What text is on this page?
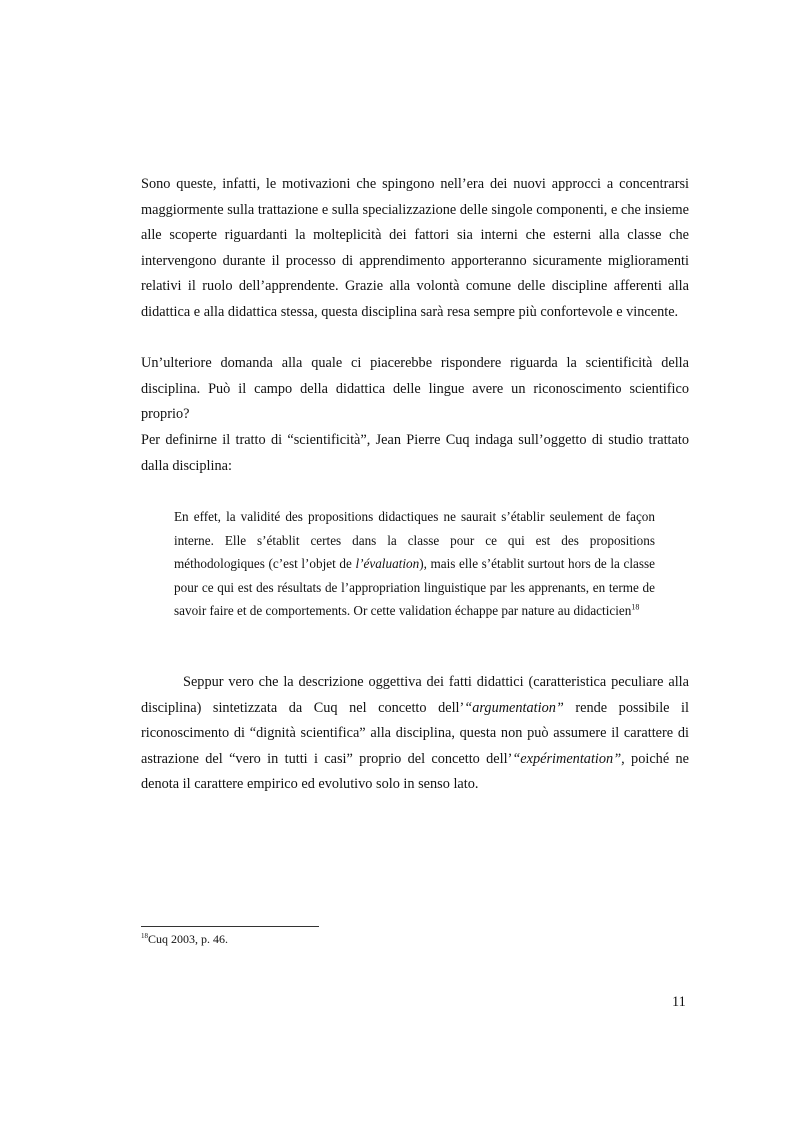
Sono queste, infatti, le motivazioni che spingono nell’era dei nuovi approcci a concentrarsi maggiormente sulla trattazione e sulla specializzazione delle singole componenti, e che insieme alle scoperte riguardanti la molteplicità dei fattori sia interni che esterni alla classe che intervengono durante il processo di apprendimento apporteranno sicuramente miglioramenti relativi il ruolo dell’apprendente. Grazie alla volontà comune delle discipline afferenti alla didattica e alla didattica stessa, questa disciplina sarà resa sempre più confortevole e vincente.

Un’ulteriore domanda alla quale ci piacerebbe rispondere riguarda la scientificità della disciplina. Può il campo della didattica delle lingue avere un riconoscimento scientifico proprio?

Per definirne il tratto di “scientificità”, Jean Pierre Cuq indaga sull’oggetto di studio trattato dalla disciplina:

En effet, la validité des propositions didactiques ne saurait s’établir seulement de façon interne. Elle s’établit certes dans la classe pour ce qui est des propositions méthodologiques (c’est l’objet de l’évaluation), mais elle s’établit surtout hors de la classe pour ce qui est des résultats de l’appropriation linguistique par les apprenants, en terme de savoir faire et de comportements. Or cette validation échappe par nature au didacticien$^{18}$

Seppur vero che la descrizione oggettiva dei fatti didattici (caratteristica peculiare alla disciplina) sintetizzata da Cuq nel concetto dell’“argumentation” rende possibile il riconoscimento di “dignità scientifica” alla disciplina, questa non può assumere il carattere di astrazione del “vero in tutti i casi” proprio del concetto dell’“expérimentation”, poiché ne denota il carattere empirico ed evolutivo solo in senso lato.

$^{18}$Cuq 2003, p. 46.
11
